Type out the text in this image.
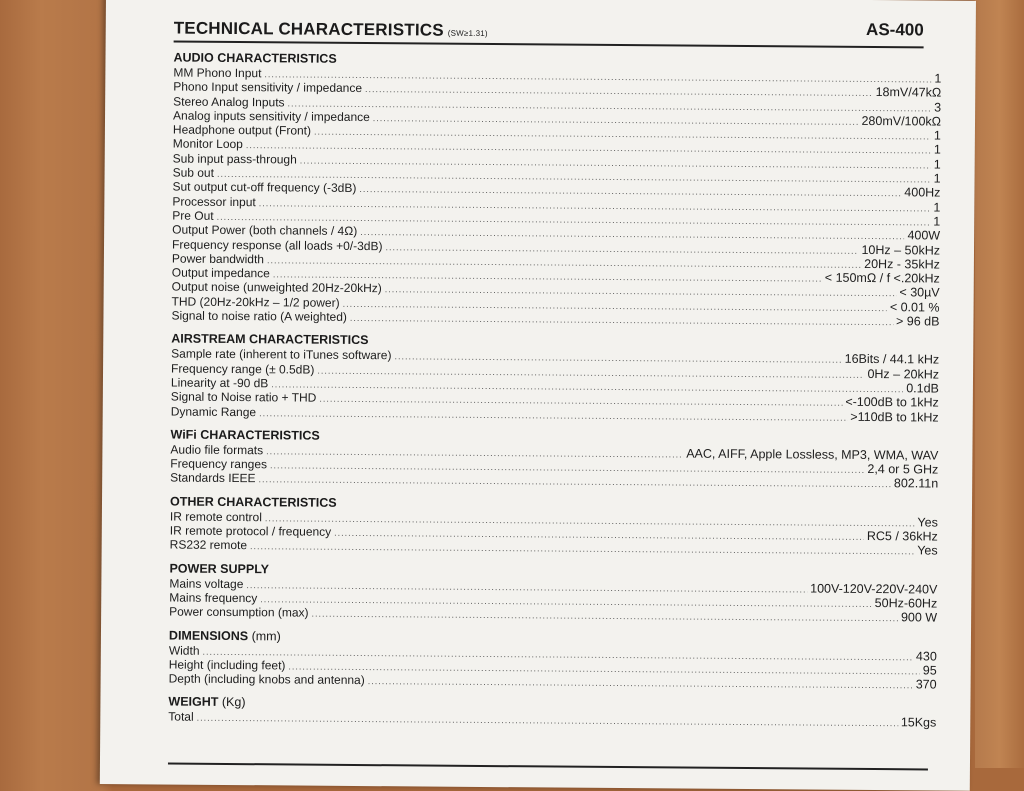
TECHNICAL CHARACTERISTICS (SW≥1.31)	AS-400
AUDIO CHARACTERISTICS
MM Phono Input .....	1
Phono Input sensitivity / impedance .....	18mV/47kΩ
Stereo Analog Inputs .....	3
Analog inputs sensitivity / impedance .....	280mV/100kΩ
Headphone output (Front) .....	1
Monitor Loop .....	1
Sub input pass-through .....	1
Sub out .....	1
Sut output cut-off frequency (-3dB) .....	400Hz
Processor input .....	1
Pre Out .....	1
Output Power (both channels / 4Ω) .....	400W
Frequency response (all loads +0/-3dB) .....	10Hz – 50kHz
Power bandwidth .....	20Hz - 35kHz
Output impedance .....	< 150mΩ / f <.20kHz
Output noise (unweighted 20Hz-20kHz) .....	< 30µV
THD (20Hz-20kHz – 1/2 power) .....	< 0.01 %
Signal to noise ratio (A weighted) .....	> 96 dB
AIRSTREAM CHARACTERISTICS
Sample rate (inherent to iTunes software) .....	16Bits / 44.1 kHz
Frequency range (± 0.5dB) .....	0Hz – 20kHz
Linearity at -90 dB .....	0.1dB
Signal to Noise ratio + THD .....	<-100dB to 1kHz
Dynamic Range .....	>110dB to 1kHz
WiFi CHARACTERISTICS
Audio file formats .....	AAC, AIFF, Apple Lossless, MP3, WMA, WAV
Frequency ranges .....	2,4 or 5 GHz
Standards IEEE .....	802.11n
OTHER CHARACTERISTICS
IR remote control .....	Yes
IR remote protocol / frequency .....	RC5 / 36kHz
RS232 remote .....	Yes
POWER SUPPLY
Mains voltage .....	100V-120V-220V-240V
Mains frequency .....	50Hz-60Hz
Power consumption (max) .....	900 W
DIMENSIONS (mm)
Width .....	430
Height (including feet) .....	95
Depth (including knobs and antenna) .....	370
WEIGHT (Kg)
Total .....	15Kgs
